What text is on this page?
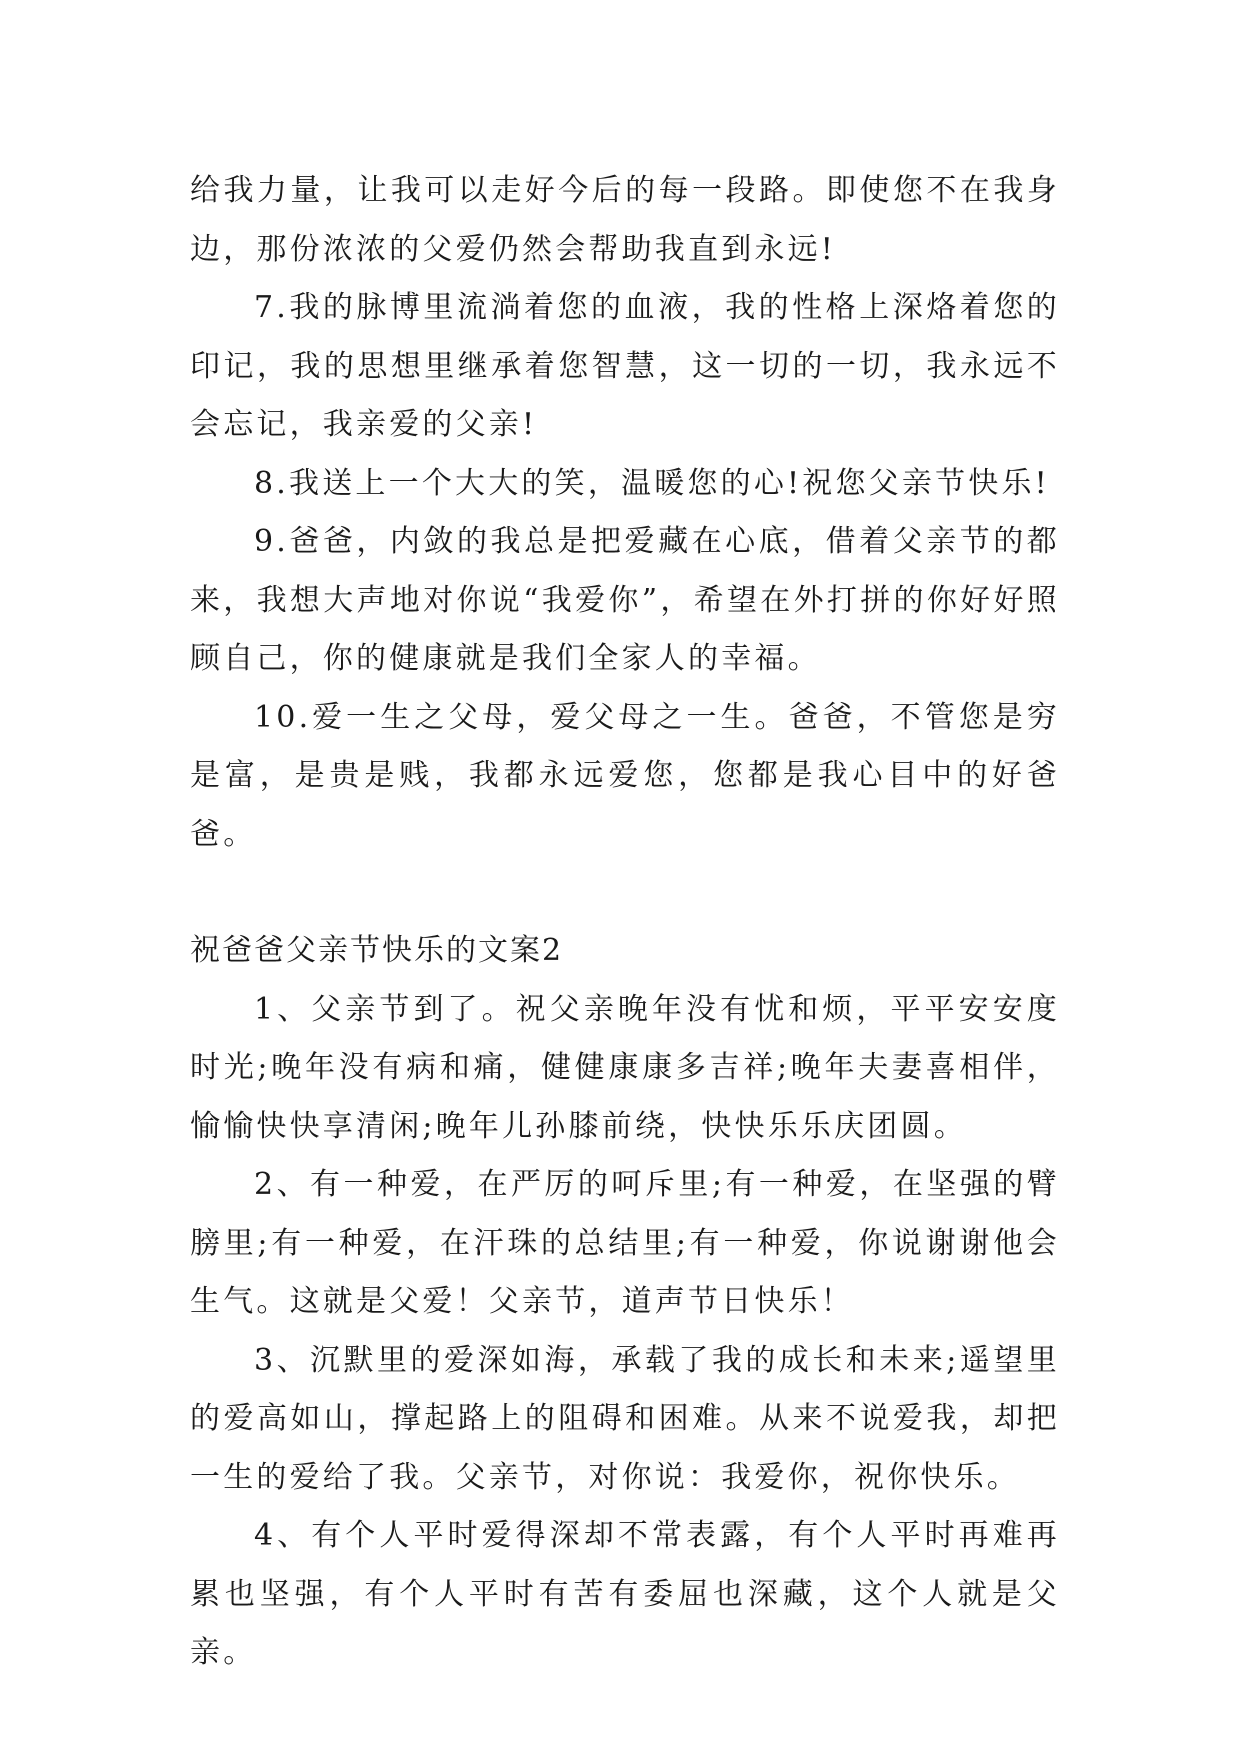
给我力量，让我可以走好今后的每一段路。即使您不在我身边，那份浓浓的父爱仍然会帮助我直到永远!

7.我的脉博里流淌着您的血液，我的性格上深烙着您的印记，我的思想里继承着您智慧，这一切的一切，我永远不会忘记，我亲爱的父亲!

8.我送上一个大大的笑，温暖您的心!祝您父亲节快乐!

9.爸爸，内敛的我总是把爱藏在心底，借着父亲节的都来，我想大声地对你说“我爱你”，希望在外打拼的你好好照顾自己，你的健康就是我们全家人的幸福。

10.爱一生之父母，爱父母之一生。爸爸，不管您是穷是富，是贵是贱，我都永远爱您，您都是我心目中的好爸爸。

祝爸爸父亲节快乐的文案2

1、父亲节到了。祝父亲晚年没有忧和烦，平平安安度时光;晚年没有病和痛，健健康康多吉祥;晚年夫妻喜相伴，愉愉快快享清闲;晚年儿孙膝前绕，快快乐乐庆团圆。

2、有一种爱，在严厉的呵斥里;有一种爱，在坚强的臂膀里;有一种爱，在汗珠的总结里;有一种爱，你说谢谢他会生气。这就是父爱！父亲节，道声节日快乐！

3、沉默里的爱深如海，承载了我的成长和未来;遥望里的爱高如山，撑起路上的阻碍和困难。从来不说爱我，却把一生的爱给了我。父亲节，对你说：我爱你，祝你快乐。

4、有个人平时爱得深却不常表露，有个人平时再难再累也坚强，有个人平时有苦有委屈也深藏，这个人就是父亲。
